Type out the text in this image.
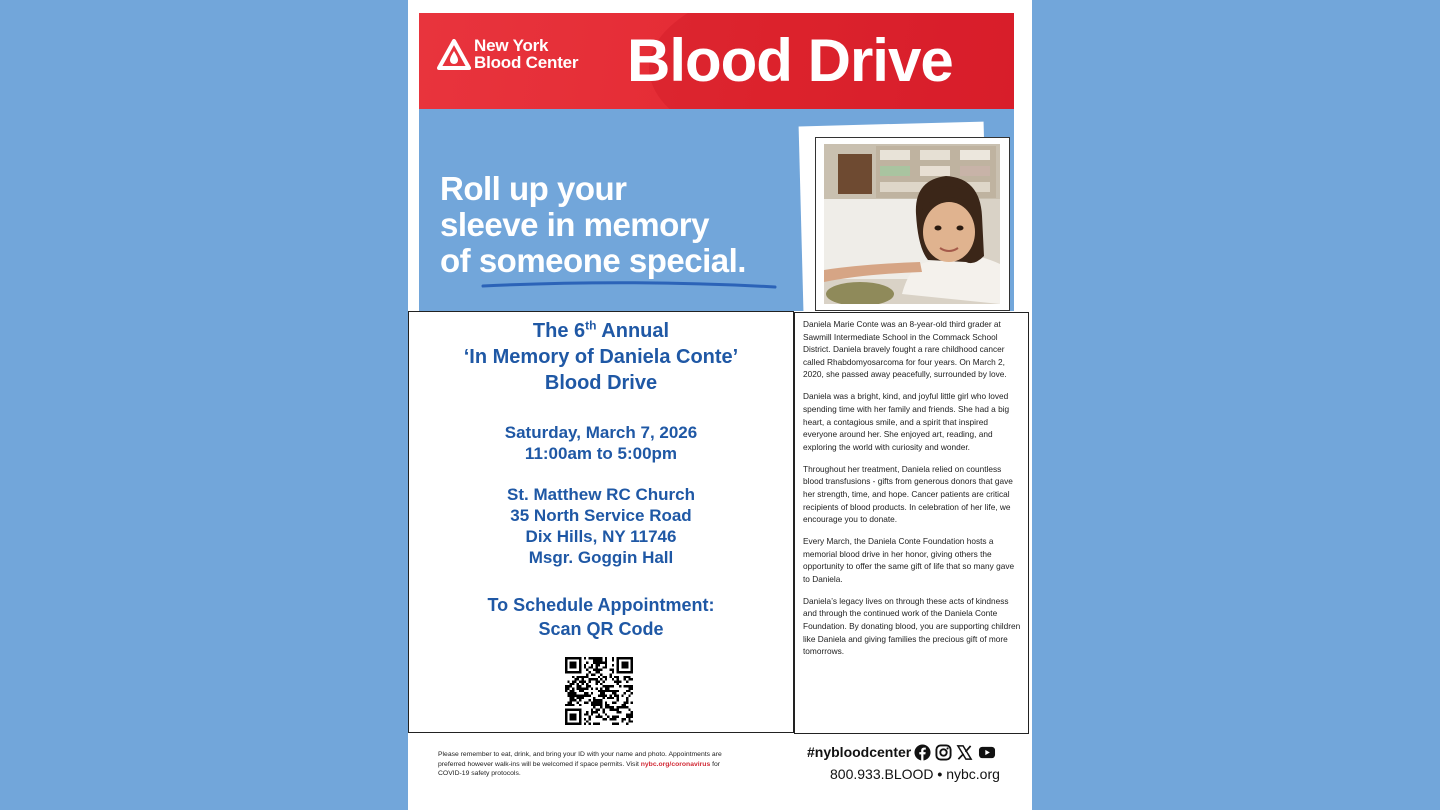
New York
Blood Center Blood Drive
Roll up your
sleeve in memory
of someone special.
The 6th Annual
‘In Memory of Daniela Conte’
Blood Drive
Saturday, March 7, 2026
11:00am to 5:00pm
St. Matthew RC Church
35 North Service Road
Dix Hills, NY 11746
Msgr. Goggin Hall
To Schedule Appointment:
Scan QR Code

Daniela Marie Conte was an 8-year-old third grader at Sawmill Intermediate School in the Commack School District. Daniela bravely fought a rare childhood cancer called Rhabdomyosarcoma for four years. On March 2, 2020, she passed away peacefully, surrounded by love.

Daniela was a bright, kind, and joyful little girl who loved spending time with her family and friends. She had a big heart, a contagious smile, and a spirit that inspired everyone around her. She enjoyed art, reading, and exploring the world with curiosity and wonder.

Throughout her treatment, Daniela relied on countless blood transfusions - gifts from generous donors that gave her strength, time, and hope. Cancer patients are critical recipients of blood products. In celebration of her life, we encourage you to donate.

Every March, the Daniela Conte Foundation hosts a memorial blood drive in her honor, giving others the opportunity to offer the same gift of life that so many gave to Daniela.

Daniela’s legacy lives on through these acts of kindness and through the continued work of the Daniela Conte Foundation. By donating blood, you are supporting children like Daniela and giving families the precious gift of more tomorrows.

Please remember to eat, drink, and bring your ID with your name and photo. Appointments are preferred however walk-ins will be welcomed if space permits. Visit nybc.org/coronavirus for COVID-19 safety protocols.
#nybloodcenter
800.933.BLOOD • nybc.org
